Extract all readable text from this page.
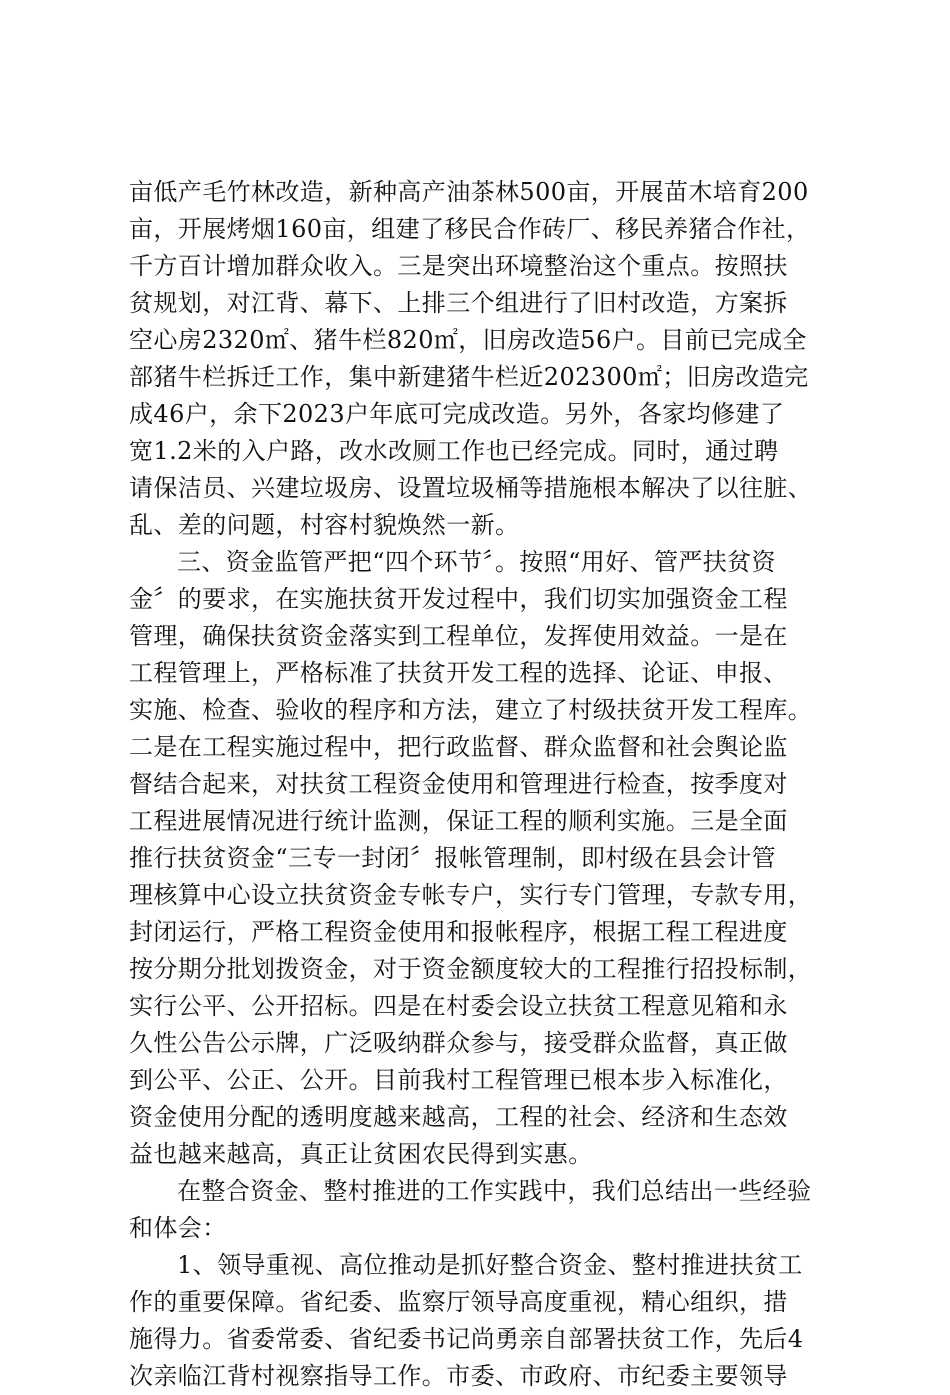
亩低产毛竹林改造，新种高产油茶林500亩，开展苗木培育200
亩，开展烤烟160亩，组建了移民合作砖厂、移民养猪合作社，
千方百计增加群众收入。三是突出环境整治这个重点。按照扶
贫规划，对江背、幕下、上排三个组进行了旧村改造，方案拆
空心房2320㎡、猪牛栏820㎡，旧房改造56户。目前已完成全
部猪牛栏拆迁工作，集中新建猪牛栏近202300㎡；旧房改造完
成46户，余下2023户年底可完成改造。另外，各家均修建了
宽1.2米的入户路，改水改厕工作也已经完成。同时，通过聘
请保洁员、兴建垃圾房、设置垃圾桶等措施根本解决了以往脏、
乱、差的问题，村容村貌焕然一新。
三、资金监管严把“四个环节〞。按照“用好、管严扶贫资
金〞的要求，在实施扶贫开发过程中，我们切实加强资金工程
管理，确保扶贫资金落实到工程单位，发挥使用效益。一是在
工程管理上，严格标准了扶贫开发工程的选择、论证、申报、
实施、检查、验收的程序和方法，建立了村级扶贫开发工程库。
二是在工程实施过程中，把行政监督、群众监督和社会舆论监
督结合起来，对扶贫工程资金使用和管理进行检查，按季度对
工程进展情况进行统计监测，保证工程的顺利实施。三是全面
推行扶贫资金“三专一封闭〞报帐管理制，即村级在县会计管
理核算中心设立扶贫资金专帐专户，实行专门管理，专款专用，
封闭运行，严格工程资金使用和报帐程序，根据工程工程进度
按分期分批划拨资金，对于资金额度较大的工程推行招投标制，
实行公平、公开招标。四是在村委会设立扶贫工程意见箱和永
久性公告公示牌，广泛吸纳群众参与，接受群众监督，真正做
到公平、公正、公开。目前我村工程管理已根本步入标准化，
资金使用分配的透明度越来越高，工程的社会、经济和生态效
益也越来越高，真正让贫困农民得到实惠。
在整合资金、整村推进的工作实践中，我们总结出一些经验
和体会：
1、领导重视、高位推动是抓好整合资金、整村推进扶贫工
作的重要保障。省纪委、监察厅领导高度重视，精心组织，措
施得力。省委常委、省纪委书记尚勇亲自部署扶贫工作，先后4
次亲临江背村视察指导工作。市委、市政府、市纪委主要领导
